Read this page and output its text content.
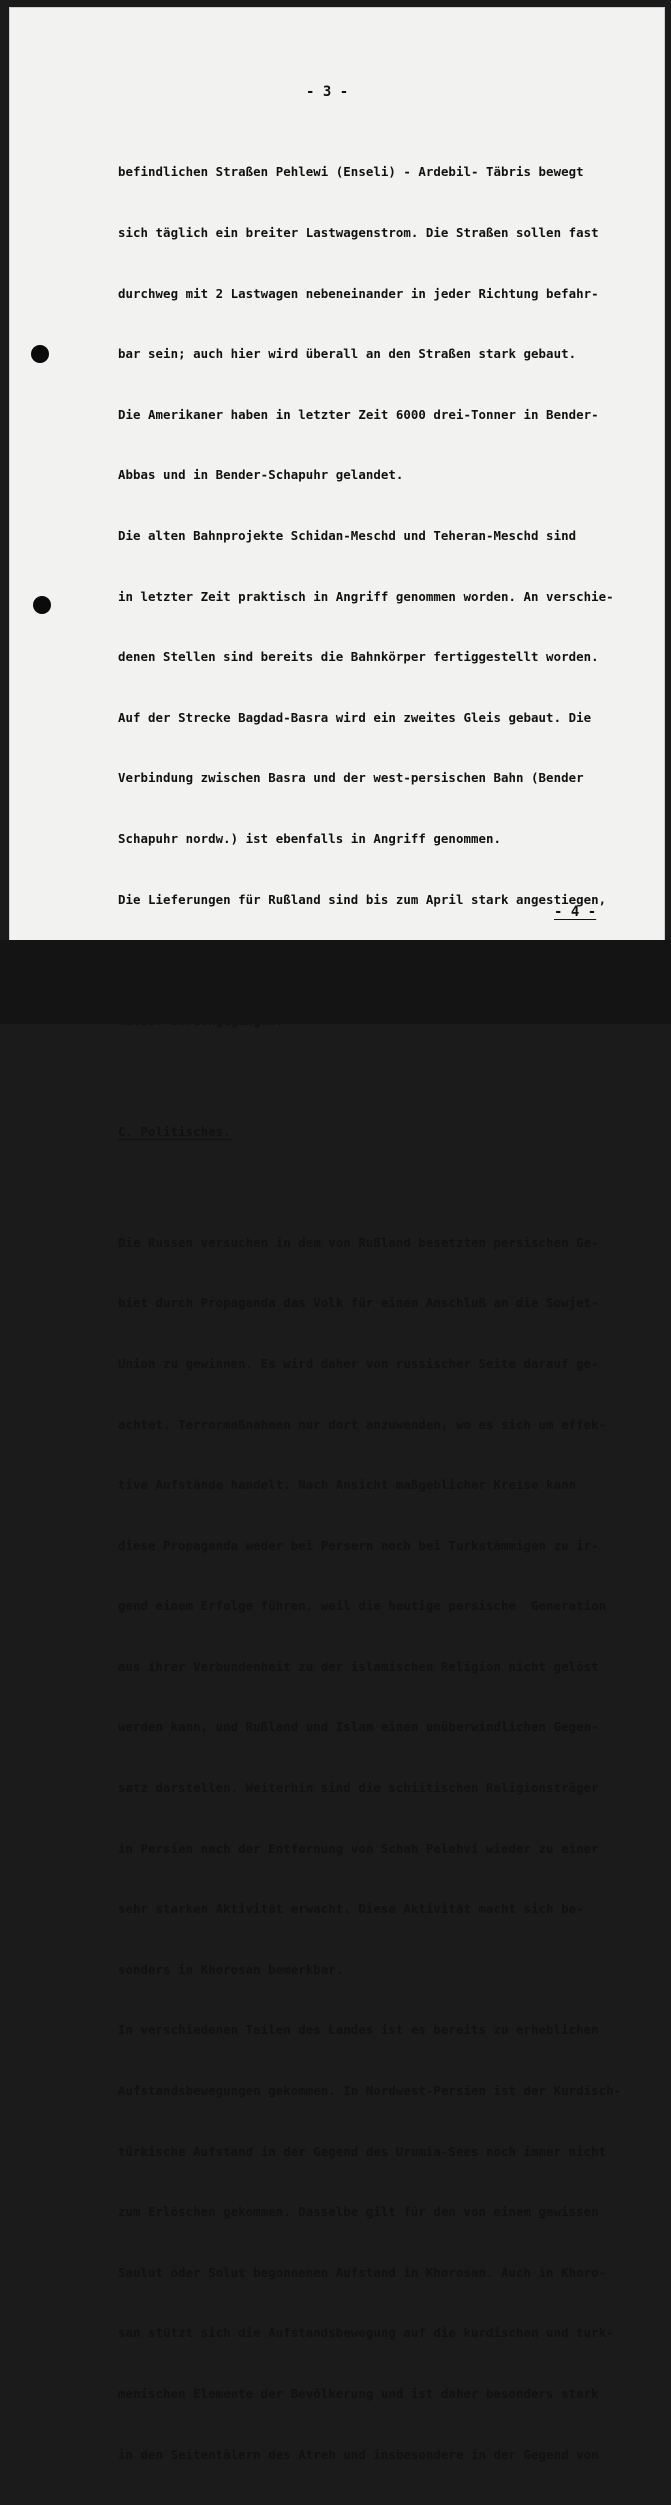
- 3 -

befindlichen Straßen Pehlewi (Enseli) - Ardebil- Täbris bewegt

sich täglich ein breiter Lastwagenstrom. Die Straßen sollen fast

durchweg mit 2 Lastwagen nebeneinander in jeder Richtung befahr-

bar sein; auch hier wird überall an den Straßen stark gebaut.

Die Amerikaner haben in letzter Zeit 6000 drei-Tonner in Bender-

Abbas und in Bender-Schapuhr gelandet.

Die alten Bahnprojekte Schidan-Meschd und Teheran-Meschd sind

in letzter Zeit praktisch in Angriff genommen worden. An verschie-

denen Stellen sind bereits die Bahnkörper fertiggestellt worden.

Auf der Strecke Bagdad-Basra wird ein zweites Gleis gebaut. Die

Verbindung zwischen Basra und der west-persischen Bahn (Bender

Schapuhr nordw.) ist ebenfalls in Angriff genommen.

Die Lieferungen für Rußland sind bis zum April stark angestiegen,

C. Politisches.

Die Russen versuchen in dem von Rußland besetzten persischen Ge-

biet durch Propaganda das Volk für einen Anschluß an die Sowjet-

Union zu gewinnen. Es wird daher von russischer Seite darauf ge-

achtet, Terrormaßnahmen nur dort anzuwenden, wo es sich um effek-

tive Aufstände handelt. Nach Ansicht maßgeblicher Kreise kann

diese Propaganda weder bei Persern noch bei Turkstämmigen zu ir-

gend einem Erfolge führen, weil die heutige persische  Generation

aus ihrer Verbundenheit zu der islamischen Religion nicht gelöst

werden kann, und Rußland und Islam einen unüberwindlichen Gegen-

satz darstellen. Weiterhin sind die schiitischen Religionsträger

in Persien nach der Entfernung von Schah Pelehvi wieder zu einer

sehr starken Aktivität erwacht. Diese Aktivität macht sich be-

sonders in Khorosan bemerkbar.

In verschiedenen Teilen des Landes ist es bereits zu erheblichen

Aufstandsbewegungen gekommen. In Nordwest-Persien ist der Kurdisch-

türkische Aufstand in der Gegend des Urumia-Sees noch immer nicht

zum Erlöschen gekommen. Dasselbe gilt für den von einem gewissen

Saulut oder Solut begonnenen Aufstand in Khorosan. Auch in Khoro-

san stützt sich die Aufstandsbewegung auf die kurdischen und turk-

menischen Elemente der Bevölkerung und ist daher besonders stark

in den Seitentälern des Atreh und insbesondere in der Gegend von

- 4 -
